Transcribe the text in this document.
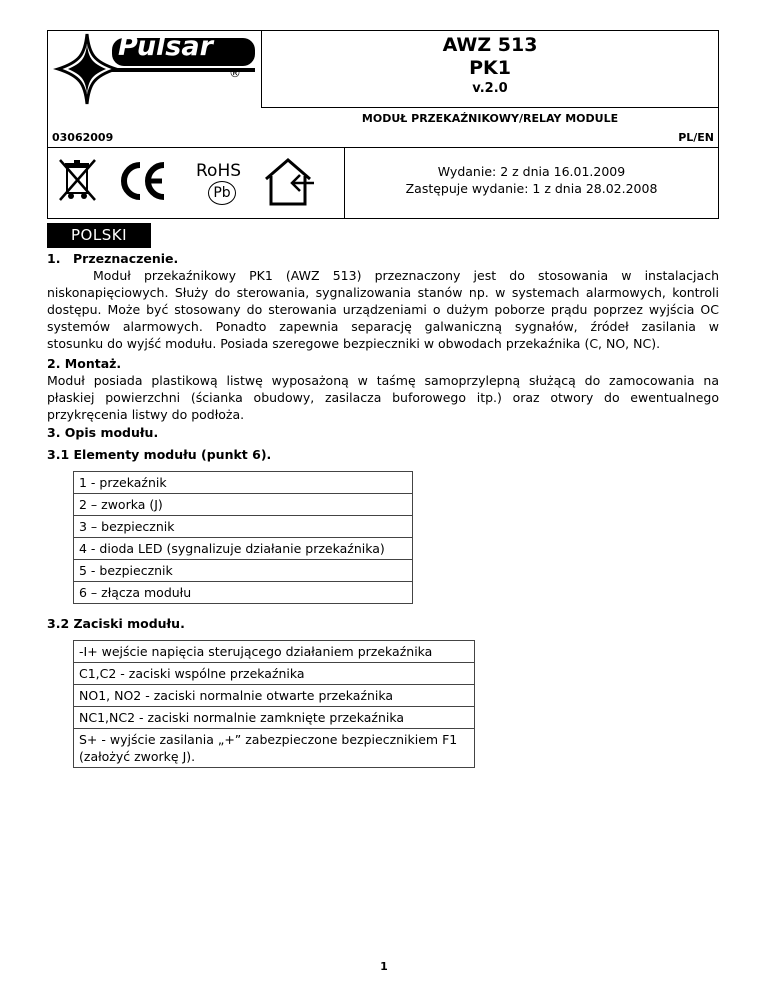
Pulsar
®
AWZ 513
PK1
v.2.0
MODUŁ PRZEKAŹNIKOWY/RELAY MODULE
03062009	PL/EN
RoHS
Pb
Wydanie: 2 z dnia 16.01.2009
Zastępuje wydanie: 1 z dnia 28.02.2008
POLSKI
1. Przeznaczenie.
Moduł przekaźnikowy PK1 (AWZ 513) przeznaczony jest do stosowania w instalacjach
niskonapięciowych. Służy do sterowania, sygnalizowania stanów np. w systemach alarmowych, kontroli
dostępu. Może być stosowany do sterowania urządzeniami o dużym poborze prądu poprzez wyjścia OC
systemów alarmowych. Ponadto zapewnia separację galwaniczną sygnałów, źródeł zasilania w
stosunku do wyjść modułu. Posiada szeregowe bezpieczniki w obwodach przekaźnika (C, NO, NC).
2. Montaż.
Moduł posiada plastikową listwę wyposażoną w taśmę samoprzylepną służącą do zamocowania na
płaskiej powierzchni (ścianka obudowy, zasilacza buforowego itp.) oraz otwory do ewentualnego
przykręcenia listwy do podłoża.
3. Opis modułu.
3.1 Elementy modułu (punkt 6).
1 - przekaźnik
2 – zworka (J)
3 – bezpiecznik
4 - dioda LED (sygnalizuje działanie przekaźnika)
5 - bezpiecznik
6 – złącza modułu
3.2 Zaciski modułu.
-I+ wejście napięcia sterującego działaniem przekaźnika
C1,C2 - zaciski wspólne przekaźnika
NO1, NO2 - zaciski normalnie otwarte przekaźnika
NC1,NC2 - zaciski normalnie zamknięte przekaźnika

S+ - wyjście zasilania „+” zabezpieczone bezpiecznikiem F1
(założyć zworkę J).
1
